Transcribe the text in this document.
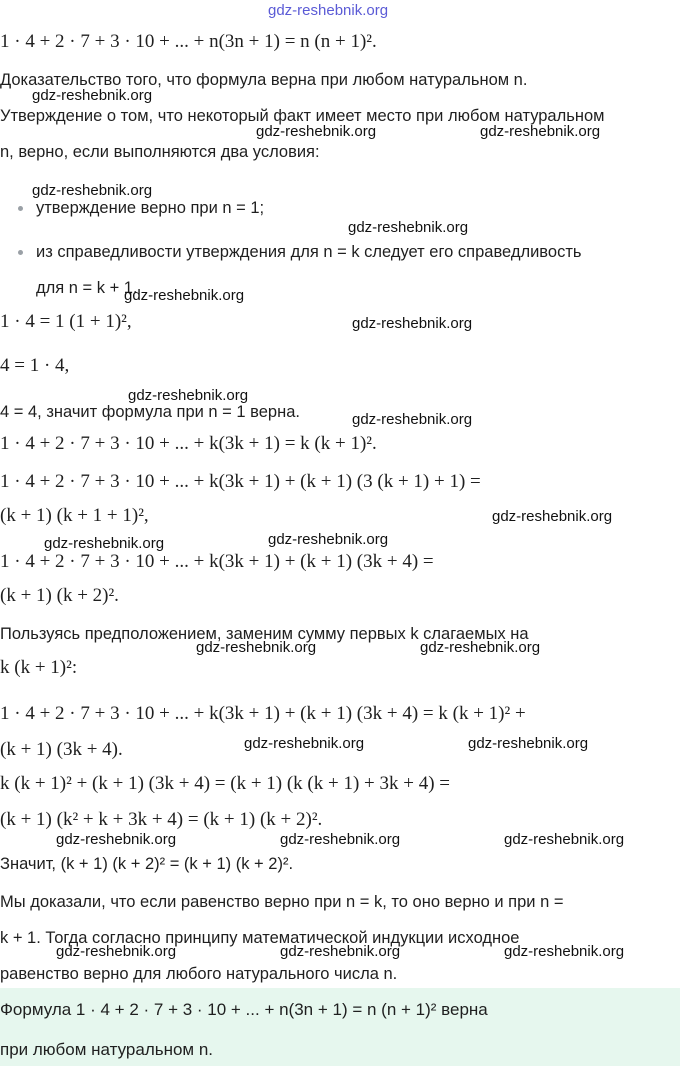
gdz-reshebnik.org
1 · 4 + 2 · 7 + 3 · 10 + ... + n(3n + 1) = n (n + 1)².
Доказательство того, что формула верна при любом натуральном n.
Утверждение о том, что некоторый факт имеет место при любом натуральном
n, верно, если выполняются два условия:
утверждение верно при n = 1;
из справедливости утверждения для n = k следует его справедливость
для n = k + 1.
1 · 4 = 1 (1 + 1)²,
4 = 1 · 4,
4 = 4, значит формула при n = 1 верна.
1 · 4 + 2 · 7 + 3 · 10 + ... + k(3k + 1) = k (k + 1)².
1 · 4 + 2 · 7 + 3 · 10 + ... + k(3k + 1) + (k + 1) (3 (k + 1) + 1) =
(k + 1) (k + 1 + 1)²,
1 · 4 + 2 · 7 + 3 · 10 + ... + k(3k + 1) + (k + 1) (3k + 4) =
(k + 1) (k + 2)².
Пользуясь предположением, заменим сумму первых k слагаемых на
k (k + 1)²:
1 · 4 + 2 · 7 + 3 · 10 + ... + k(3k + 1) + (k + 1) (3k + 4) = k (k + 1)² +
(k + 1) (3k + 4).
k (k + 1)² + (k + 1) (3k + 4) = (k + 1) (k (k + 1) + 3k + 4) =
(k + 1) (k² + k + 3k + 4) = (k + 1) (k + 2)².
Значит, (k + 1) (k + 2)² = (k + 1) (k + 2)².
Мы доказали, что если равенство верно при n = k, то оно верно и при n =
k + 1. Тогда согласно принципу математической индукции исходное
равенство верно для любого натурального числа n.
Формула 1 · 4 + 2 · 7 + 3 · 10 + ... + n(3n + 1) = n (n + 1)² верна
при любом натуральном n.
gdz-reshebnik.org
gdz-reshebnik.org	gdz-reshebnik.org
gdz-reshebnik.org
gdz-reshebnik.org
gdz-reshebnik.org
gdz-reshebnik.org
gdz-reshebnik.org
gdz-reshebnik.org
gdz-reshebnik.org
gdz-reshebnik.org	gdz-reshebnik.org
gdz-reshebnik.org	gdz-reshebnik.org
gdz-reshebnik.org	gdz-reshebnik.org
gdz-reshebnik.org	gdz-reshebnik.org	gdz-reshebnik.org
gdz-reshebnik.org	gdz-reshebnik.org	gdz-reshebnik.org
